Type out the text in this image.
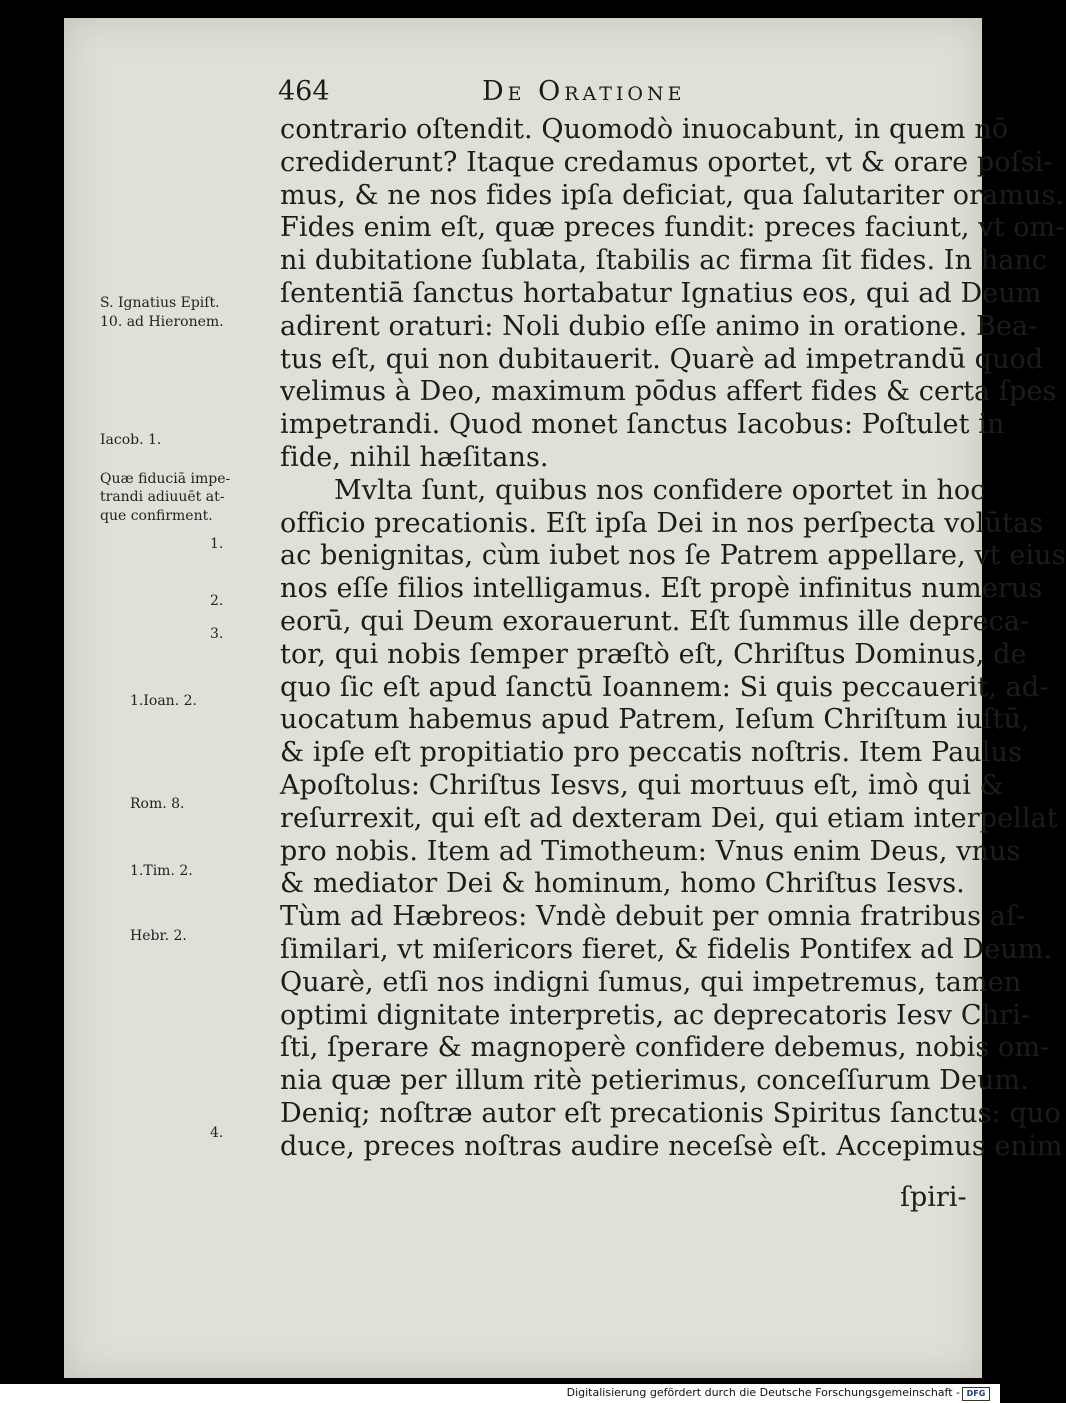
464	De Oratione
S. Ignatius Epiſt.
10. ad Hieronem.
Iacob. 1.
Quæ fiduciā impe-
trandi adiuuēt at-
que confirment.
1.
2.
3.
1.Ioan. 2.
Rom. 8.
1.Tim. 2.
Hebr. 2.
4.
contrario oſtendit. Quomodò inuocabunt, in quem nō
crediderunt? Itaque credamus oportet, vt & orare poſsi-
mus, & ne nos fides ipſa deficiat, qua ſalutariter oramus.
Fides enim eſt, quæ preces fundit: preces faciunt, vt om-
ni dubitatione ſublata, ſtabilis ac firma ſit fides. In hanc
ſententiā ſanctus hortabatur Ignatius eos, qui ad Deum
adirent oraturi: Noli dubio eſſe animo in oratione. Bea-
tus eſt, qui non dubitauerit. Quarè ad impetrandū quod
velimus à Deo, maximum pōdus affert fides & certa ſpes
impetrandi. Quod monet ſanctus Iacobus: Poſtulet in
fide, nihil hæſitans.
Mvlta ſunt, quibus nos confidere oportet in hoc
officio precationis. Eſt ipſa Dei in nos perſpecta volūtas
ac benignitas, cùm iubet nos ſe Patrem appellare, vt eius
nos eſſe filios intelligamus. Eſt propè infinitus numerus
eorū, qui Deum exorauerunt. Eſt ſummus ille depreca-
tor, qui nobis ſemper præſtò eſt, Chriſtus Dominus, de
quo ſic eſt apud ſanctū Ioannem: Si quis peccauerit, ad-
uocatum habemus apud Patrem, Ieſum Chriſtum iuſtū,
& ipſe eſt propitiatio pro peccatis noſtris. Item Paulus
Apoſtolus: Chriſtus Iesvs, qui mortuus eſt, imò qui &
reſurrexit, qui eſt ad dexteram Dei, qui etiam interpellat
pro nobis. Item ad Timotheum: Vnus enim Deus, vnus
& mediator Dei & hominum, homo Chriſtus Iesvs.
Tùm ad Hæbreos: Vndè debuit per omnia fratribus aſ-
ſimilari, vt miſericors fieret, & fidelis Pontifex ad Deum.
Quarè, etſi nos indigni ſumus, qui impetremus, tamen
optimi dignitate interpretis, ac deprecatoris Iesv Chri-
ſti, ſperare & magnoperè confidere debemus, nobis om-
nia quæ per illum ritè petierimus, conceſſurum Deum.
Deniq; noſtræ autor eſt precationis Spiritus ſanctus: quo
duce, preces noſtras audire neceſsè eſt. Accepimus enim
ſpiri-
Digitalisierung gefördert durch die Deutsche Forschungsgemeinschaft - DFG
